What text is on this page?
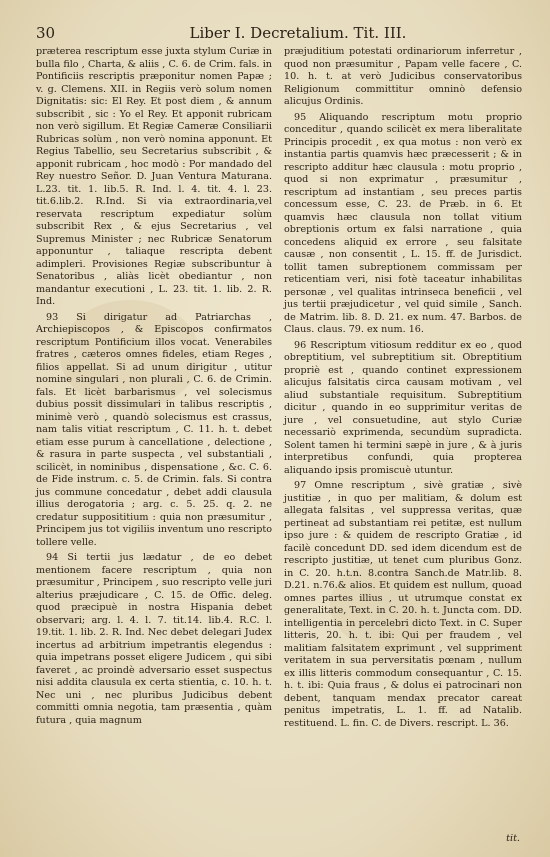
30	Liber I. Decretalium. Tit. III.

præterea rescriptum esse juxta stylum Curiæ in bulla filo , Charta, & aliis , C. 6. de Crim. fals. in Pontificiis rescriptis præponitur nomen Papæ ; v. g. Clemens. XII. in Regiis verò solum nomen Dignitatis: sic: El Rey. Et post diem , & annum subscribit , sic : Yo el Rey. Et apponit rubricam non verò sigillum. Et Regiæ Cameræ Consiliarii Rubricas solùm , non verò nomina apponunt. Et Regius Tabellio, seu Secretarius subscribit , & apponit rubricam , hoc modò : Por mandado del Rey nuestro Señor. D. Juan Ventura Maturana. L.23. tit. 1. lib.5. R. Ind. l. 4. tit. 4. l. 23. tit.6.lib.2. R.Ind. Si via extraordinaria,vel reservata rescriptum expediatur solùm subscribit Rex , & ejus Secretarius , vel Supremus Minister ; nec Rubricæ Senatorum apponuntur , taliaque rescripta debent adimpleri. Provisiones Regiæ subscribuntur à Senatoribus , aliàs licèt obediantur , non mandantur executioni , L. 23. tit. 1. lib. 2. R. Ind.

93 Si dirigatur ad Patriarchas , Archiepiscopos , & Episcopos confirmatos rescriptum Pontificium illos vocat. Venerabiles fratres , cæteros omnes fideles, etiam Reges , filios appellat. Si ad unum dirigitur , utitur nomine singulari , non plurali , C. 6. de Crimin. fals. Et licèt barbarismus , vel solecismus dubius possit dissimulari in talibus rescriptis , minimè verò , quandò solecismus est crassus, nam talis vitiat rescriptum , C. 11. h. t. debet etiam esse purum à cancellatione , delectione , & rasura in parte suspecta , vel substantiali , scilicèt, in nominibus , dispensatione , &c. C. 6. de Fide instrum. c. 5. de Crimin. fals. Si contra jus commune concedatur , debet addi clausula illius derogatoria ; arg. c. 5. 25. q. 2. ne credatur supposititium : quia non præsumitur , Principem jus tot vigiliis inventum uno rescripto tollere velle.

94 Si tertii jus lædatur , de eo debet mentionem facere rescriptum , quia non præsumitur , Principem , suo rescripto velle juri alterius præjudicare , C. 15. de Offic. deleg. quod præcipuè in nostra Hispania debet observari; arg. l. 4. l. 7. tit.14. lib.4. R.C. l. 19.tit. 1. lib. 2. R. Ind. Nec debet delegari Judex incertus ad arbitrium impetrantis elegendus : quia impetrans posset eligere Judicem , qui sibi faveret , ac proindè adversario esset suspectus nisi addita clausula ex certa stientia, c. 10. h. t. Nec uni , nec pluribus Judicibus debent committi omnia negotia, tam præsentia , quàm futura , quia magnum

præjuditium potestati ordinariorum inferretur , quod non præsumitur , Papam velle facere , C. 10. h. t. at verò Judicibus conservatoribus Religionum committitur omninò defensio alicujus Ordinis.

95 Aliquando rescriptum motu proprio conceditur , quando scilicèt ex mera liberalitate Principis procedit , ex qua motus : non verò ex instantia partis quamvis hæc præcesserit ; & in rescripto additur hæc clausula : motu proprio , quod si non exprimatur , præsumitur , rescriptum ad instantiam , seu preces partis concessum esse, C. 23. de Præb. in 6. Et quamvis hæc clausula non tollat vitium obreptionis ortum ex falsi narratione , quia concedens aliquid ex errore , seu falsitate causæ , non consentit , L. 15. ff. de Jurisdict. tollit tamen subreptionem commissam per reticentiam veri, nisi fotè taceatur inhabilitas personæ , vel qualitas intrinseca beneficii , vel jus tertii præjudicetur , vel quid simile , Sanch. de Matrim. lib. 8. D. 21. ex num. 47. Barbos. de Claus. claus. 79. ex num. 16.

96 Rescriptum vitiosum redditur ex eo , quod obreptitium, vel subreptitium sit. Obreptitium propriè est , quando continet expressionem alicujus falsitatis circa causam motivam , vel aliud substantiale requisitum. Subreptitium dicitur , quando in eo supprimitur veritas de jure , vel consuetudine, aut stylo Curiæ necessariò exprimenda, secundùm supradicta. Solent tamen hi termini sæpè in jure , & à juris interpretibus confundi, quia propterea aliquando ipsis promiscuè utuntur.

97 Omne rescriptum , sivè gratiæ , sivè justitiæ , in quo per malitiam, & dolum est allegata falsitas , vel suppressa veritas, quæ pertineat ad substantiam rei petitæ, est nullum ipso jure : & quidem de rescripto Gratiæ , id facilè concedunt DD. sed idem dicendum est de rescripto justitiæ, ut tenet cum pluribus Gonz. in C. 20. h.t.n. 8.contra Sanch.de Matr.lib. 8. D.21. n.76.& alios. Et quidem est nullum, quoad omnes partes illius , ut utrumque constat ex generalitate, Text. in C. 20. h. t. Juncta com. DD. intelligentia in percelebri dicto Text. in C. Super litteris, 20. h. t. ibi: Qui per fraudem , vel malitiam falsitatem exprimunt , vel suppriment veritatem in sua perversitatis pœnam , nullum ex illis litteris commodum consequantur , C. 15. h. t. ibi: Quia fraus , & dolus ei patrocinari non debent, tanquam mendax precator careat penitus impetratis, L. 1. ff. ad Natalib. restituend. L. fin. C. de Divers. rescript. L. 36.

tit.
